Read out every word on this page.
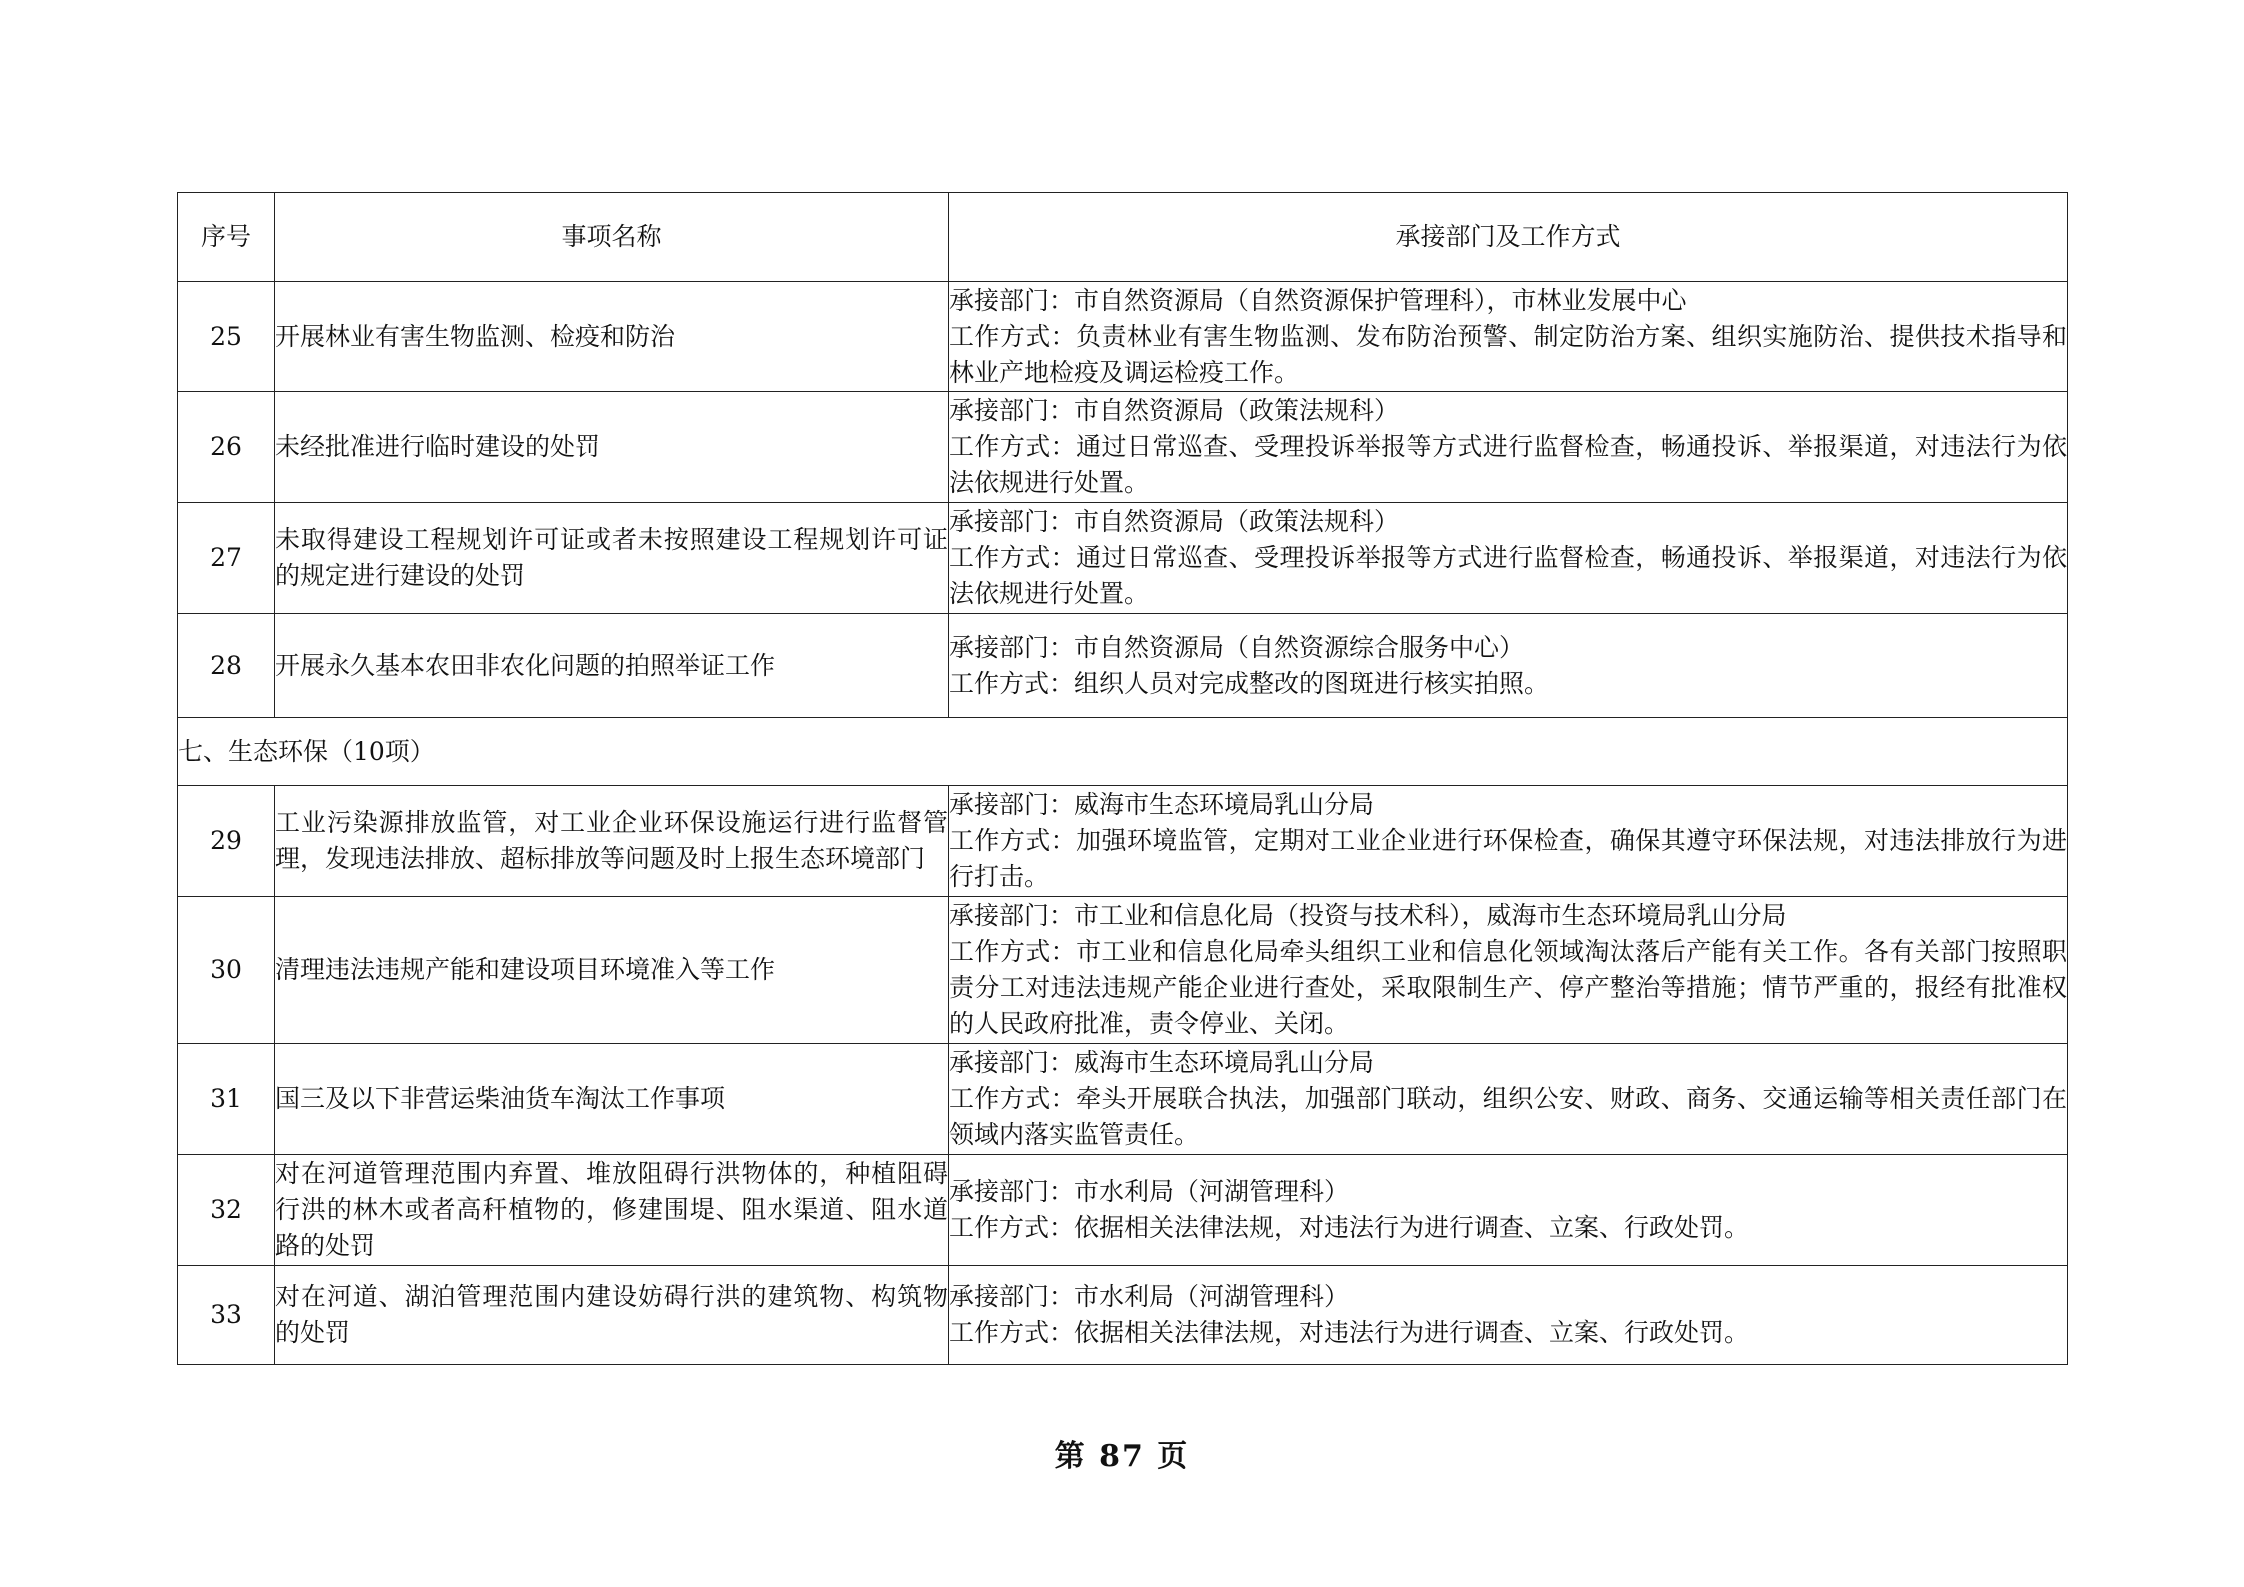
序号	事项名称	承接部门及工作方式
25	开展林业有害生物监测、检疫和防治	承接部门：市自然资源局（自然资源保护管理科），市林业发展中心
工作方式：负责林业有害生物监测、发布防治预警、制定防治方案、组织实施防治、提供技术指导和林业产地检疫及调运检疫工作。

26	未经批准进行临时建设的处罚	承接部门：市自然资源局（政策法规科）
工作方式：通过日常巡查、受理投诉举报等方式进行监督检查，畅通投诉、举报渠道，对违法行为依法依规进行处置。

27	未取得建设工程规划许可证或者未按照建设工程规划许可证的规定进行建设的处罚	承接部门：市自然资源局（政策法规科）
工作方式：通过日常巡查、受理投诉举报等方式进行监督检查，畅通投诉、举报渠道，对违法行为依法依规进行处置。

28	开展永久基本农田非农化问题的拍照举证工作	承接部门：市自然资源局（自然资源综合服务中心）
工作方式：组织人员对完成整改的图斑进行核实拍照。

七、生态环保（10项）		
29	工业污染源排放监管，对工业企业环保设施运行进行监督管理，发现违法排放、超标排放等问题及时上报生态环境部门	承接部门：威海市生态环境局乳山分局
工作方式：加强环境监管，定期对工业企业进行环保检查，确保其遵守环保法规，对违法排放行为进行打击。

30	清理违法违规产能和建设项目环境准入等工作	承接部门：市工业和信息化局（投资与技术科），威海市生态环境局乳山分局
工作方式：市工业和信息化局牵头组织工业和信息化领域淘汰落后产能有关工作。各有关部门按照职责分工对违法违规产能企业进行查处，采取限制生产、停产整治等措施；情节严重的，报经有批准权的人民政府批准，责令停业、关闭。

31	国三及以下非营运柴油货车淘汰工作事项	承接部门：威海市生态环境局乳山分局
工作方式：牵头开展联合执法，加强部门联动，组织公安、财政、商务、交通运输等相关责任部门在领域内落实监管责任。

32	对在河道管理范围内弃置、堆放阻碍行洪物体的，种植阻碍行洪的林木或者高秆植物的，修建围堤、阻水渠道、阻水道路的处罚	承接部门：市水利局（河湖管理科）
工作方式：依据相关法律法规，对违法行为进行调查、立案、行政处罚。

33	对在河道、湖泊管理范围内建设妨碍行洪的建筑物、构筑物的处罚	承接部门：市水利局（河湖管理科）
工作方式：依据相关法律法规，对违法行为进行调查、立案、行政处罚。
第 87 页
